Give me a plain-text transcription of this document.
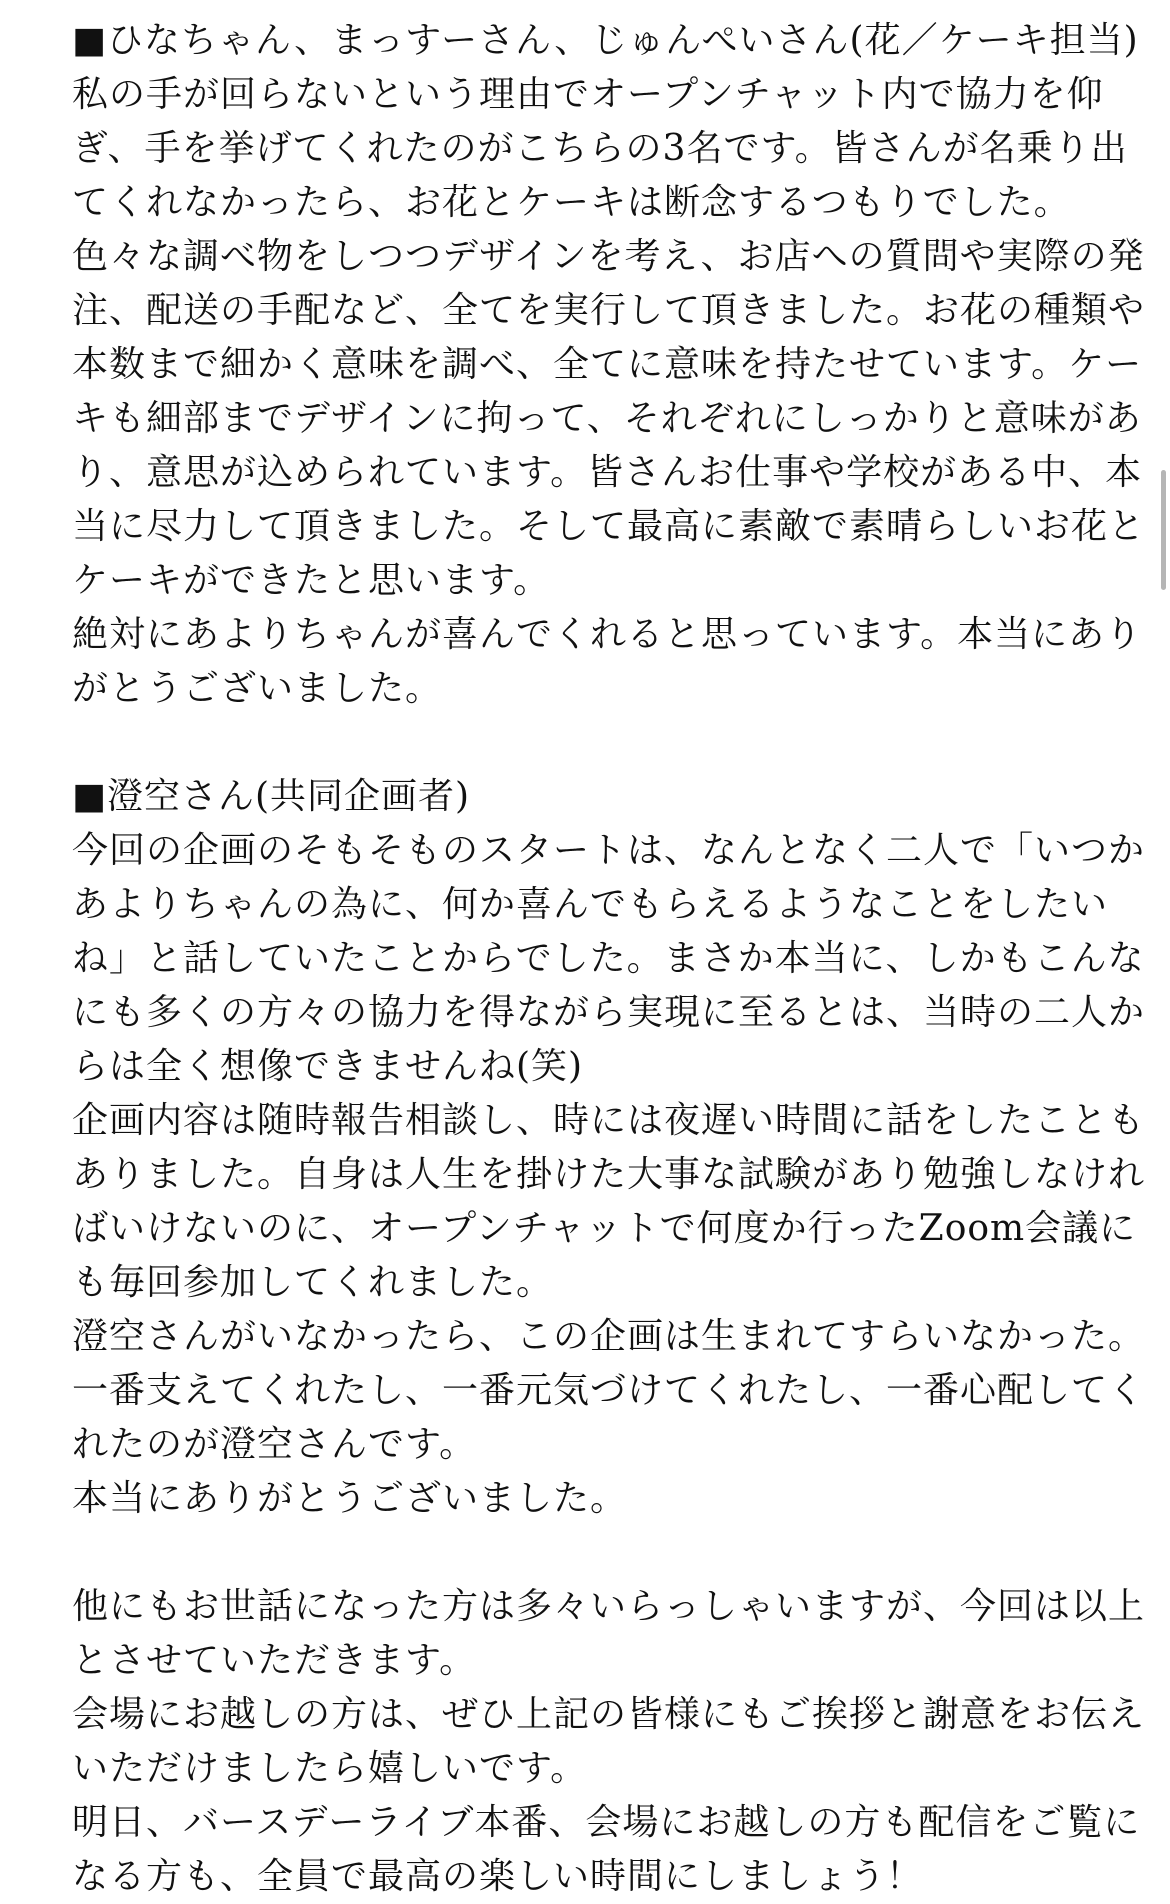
■ひなちゃん、まっすーさん、じゅんぺいさん(花／ケーキ担当)
私の手が回らないという理由でオープンチャット内で協力を仰
ぎ、手を挙げてくれたのがこちらの3名です。皆さんが名乗り出
てくれなかったら、お花とケーキは断念するつもりでした。
色々な調べ物をしつつデザインを考え、お店への質問や実際の発
注、配送の手配など、全てを実行して頂きました。お花の種類や
本数まで細かく意味を調べ、全てに意味を持たせています。ケー
キも細部までデザインに拘って、それぞれにしっかりと意味があ
り、意思が込められています。皆さんお仕事や学校がある中、本
当に尽力して頂きました。そして最高に素敵で素晴らしいお花と
ケーキができたと思います。
絶対にあよりちゃんが喜んでくれると思っています。本当にあり
がとうございました。
■澄空さん(共同企画者)
今回の企画のそもそものスタートは、なんとなく二人で「いつか
あよりちゃんの為に、何か喜んでもらえるようなことをしたい
ね」と話していたことからでした。まさか本当に、しかもこんな
にも多くの方々の協力を得ながら実現に至るとは、当時の二人か
らは全く想像できませんね(笑)
企画内容は随時報告相談し、時には夜遅い時間に話をしたことも
ありました。自身は人生を掛けた大事な試験があり勉強しなけれ
ばいけないのに、オープンチャットで何度か行ったZoom会議に
も毎回参加してくれました。
澄空さんがいなかったら、この企画は生まれてすらいなかった。
一番支えてくれたし、一番元気づけてくれたし、一番心配してく
れたのが澄空さんです。
本当にありがとうございました。
他にもお世話になった方は多々いらっしゃいますが、今回は以上
とさせていただきます。
会場にお越しの方は、ぜひ上記の皆様にもご挨拶と謝意をお伝え
いただけましたら嬉しいです。
明日、バースデーライブ本番、会場にお越しの方も配信をご覧に
なる方も、全員で最高の楽しい時間にしましょう！
